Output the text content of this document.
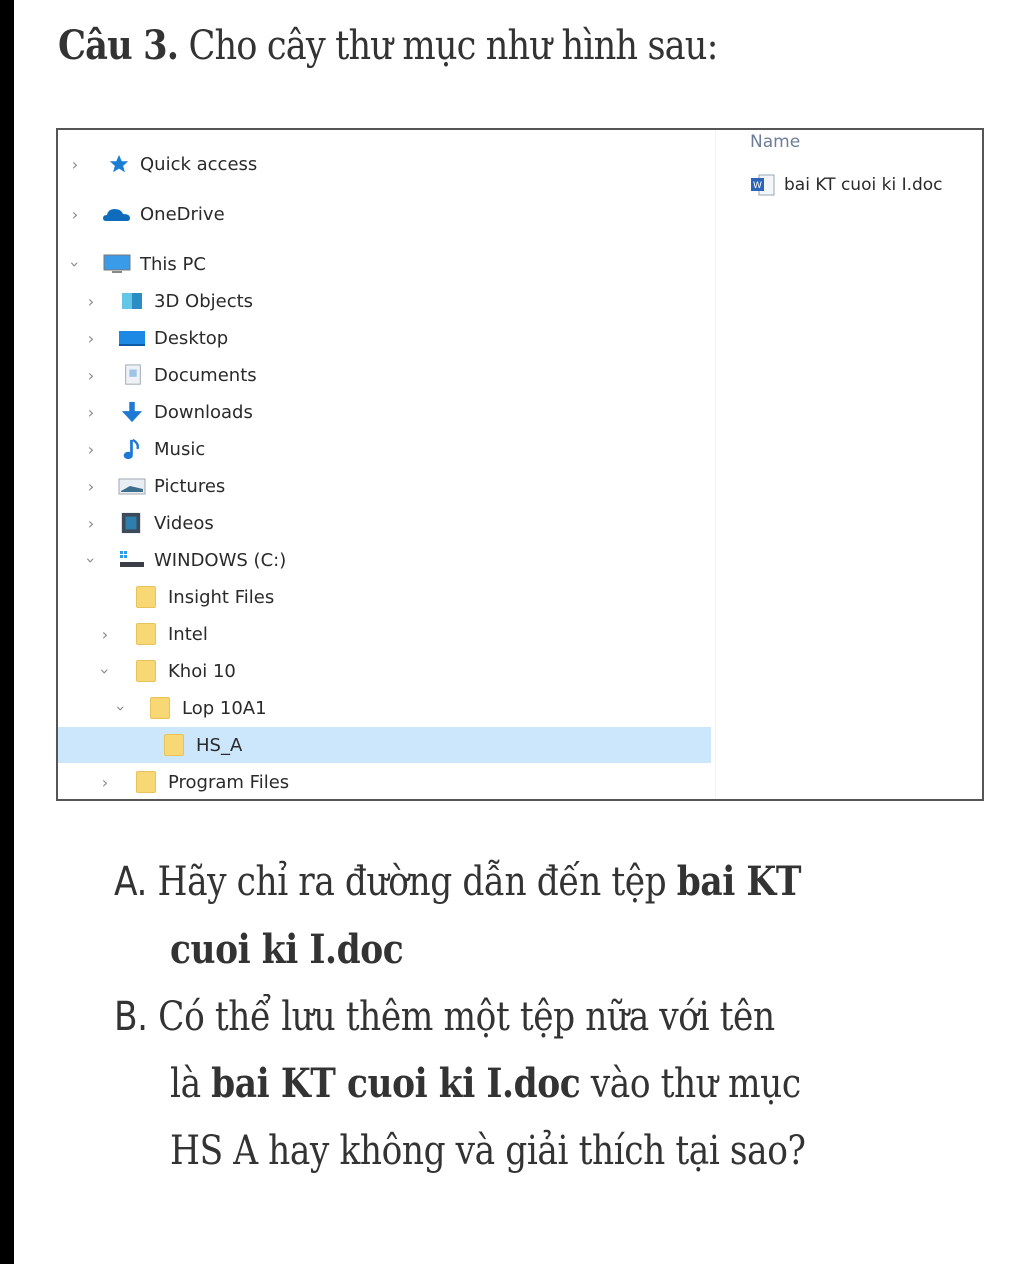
Câu 3. Cho cây thư mục như hình sau:
›	Quick access
›	OneDrive
›	This PC
›	3D Objects
›	Desktop
›	Documents
›	Downloads
›	Music
›	Pictures
›	Videos
›	WINDOWS (C:)
Insight Files
›	Intel
›	Khoi 10
›	Lop 10A1
HS_A
›	Program Files
Name
W bai KT cuoi ki I.doc
A. Hãy chỉ ra đường dẫn đến tệp bai KT
cuoi ki I.doc
B. Có thể lưu thêm một tệp nữa với tên
là bai KT cuoi ki I.doc vào thư mục
HS A hay không và giải thích tại sao?
